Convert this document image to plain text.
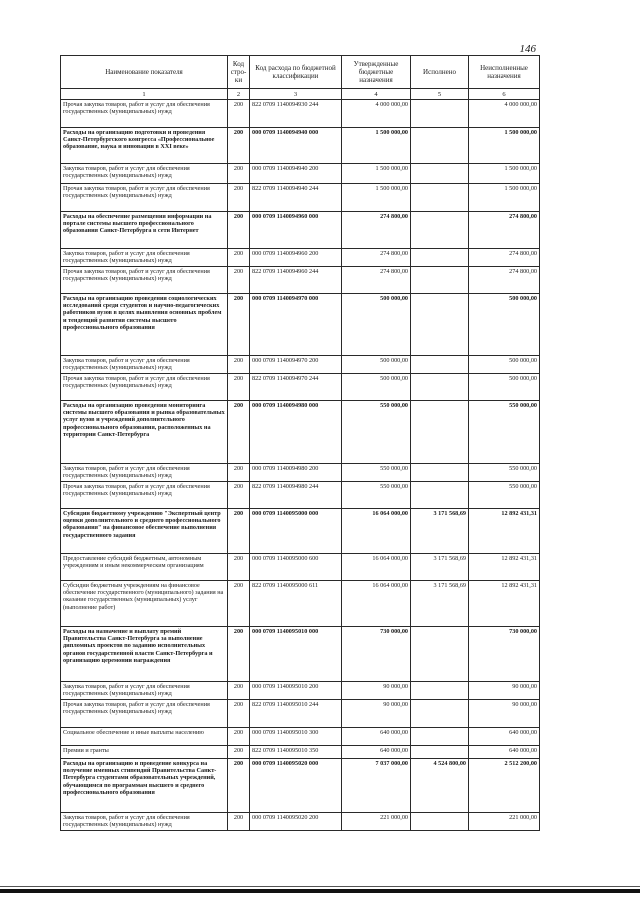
146
Наименование показателя	Код стро-ки	Код расхода по бюджетной классификации	Утвержденные бюджетные назначения	Исполнено	Неисполненные назначения
1	2	3	4	5	6
Прочая закупка товаров, работ и услуг для обеспечения государственных (муниципальных) нужд	200	822 0709 1140094930 244	4 000 000,00		4 000 000,00
Расходы на организацию подготовки и проведения Санкт-Петербургского конгресса «Профессиональное образование, наука и инновации в XXI веке»	200	000 0709 1140094940 000	1 500 000,00		1 500 000,00
Закупка товаров, работ и услуг для обеспечения государственных (муниципальных) нужд	200	000 0709 1140094940 200	1 500 000,00		1 500 000,00
Прочая закупка товаров, работ и услуг для обеспечения государственных (муниципальных) нужд	200	822 0709 1140094940 244	1 500 000,00		1 500 000,00
Расходы на обеспечение размещения информации на портале системы высшего профессионального образования Санкт-Петербурга в сети Интернет	200	000 0709 1140094960 000	274 800,00		274 800,00
Закупка товаров, работ и услуг для обеспечения государственных (муниципальных) нужд	200	000 0709 1140094960 200	274 800,00		274 800,00
Прочая закупка товаров, работ и услуг для обеспечения государственных (муниципальных) нужд	200	822 0709 1140094960 244	274 800,00		274 800,00
Расходы на организацию проведения социологических исследований среди студентов и научно-педагогических работников вузов в целях выявления основных проблем и тенденций развития системы высшего профессионального образования	200	000 0709 1140094970 000	500 000,00		500 000,00
Закупка товаров, работ и услуг для обеспечения государственных (муниципальных) нужд	200	000 0709 1140094970 200	500 000,00		500 000,00
Прочая закупка товаров, работ и услуг для обеспечения государственных (муниципальных) нужд	200	822 0709 1140094970 244	500 000,00		500 000,00
Расходы на организацию проведения мониторинга системы высшего образования и рынка образовательных услуг вузов и учреждений дополнительного профессионального образования, расположенных на территории Санкт-Петербурга	200	000 0709 1140094980 000	550 000,00		550 000,00
Закупка товаров, работ и услуг для обеспечения государственных (муниципальных) нужд	200	000 0709 1140094980 200	550 000,00		550 000,00
Прочая закупка товаров, работ и услуг для обеспечения государственных (муниципальных) нужд	200	822 0709 1140094980 244	550 000,00		550 000,00
Субсидии бюджетному учреждению "Экспертный центр оценки дополнительного и среднего профессионального образования" на финансовое обеспечение выполнения государственного задания	200	000 0709 1140095000 000	16 064 000,00	3 171 568,69	12 892 431,31
Предоставление субсидий бюджетным, автономным учреждениям и иным некоммерческим организациям	200	000 0709 1140095000 600	16 064 000,00	3 171 568,69	12 892 431,31
Субсидии бюджетным учреждениям на финансовое обеспечение государственного (муниципального) задания на оказание государственных (муниципальных) услуг (выполнение работ)	200	822 0709 1140095000 611	16 064 000,00	3 171 568,69	12 892 431,31
Расходы на назначение и выплату премий Правительства Санкт-Петербурга за выполнение дипломных проектов по заданию исполнительных органов государственной власти Санкт-Петербурга и организацию церемонии награждения	200	000 0709 1140095010 000	730 000,00		730 000,00
Закупка товаров, работ и услуг для обеспечения государственных (муниципальных) нужд	200	000 0709 1140095010 200	90 000,00		90 000,00
Прочая закупка товаров, работ и услуг для обеспечения государственных (муниципальных) нужд	200	822 0709 1140095010 244	90 000,00		90 000,00
Социальное обеспечение и иные выплаты населению	200	000 0709 1140095010 300	640 000,00		640 000,00
Премии и гранты	200	822 0709 1140095010 350	640 000,00		640 000,00
Расходы на организацию и проведение конкурса на получение именных стипендий Правительства Санкт-Петербурга студентами образовательных учреждений, обучающимся по программам высшего и среднего профессионального образования	200	000 0709 1140095020 000	7 037 000,00	4 524 800,00	2 512 200,00
Закупка товаров, работ и услуг для обеспечения государственных (муниципальных) нужд	200	000 0709 1140095020 200	221 000,00		221 000,00
